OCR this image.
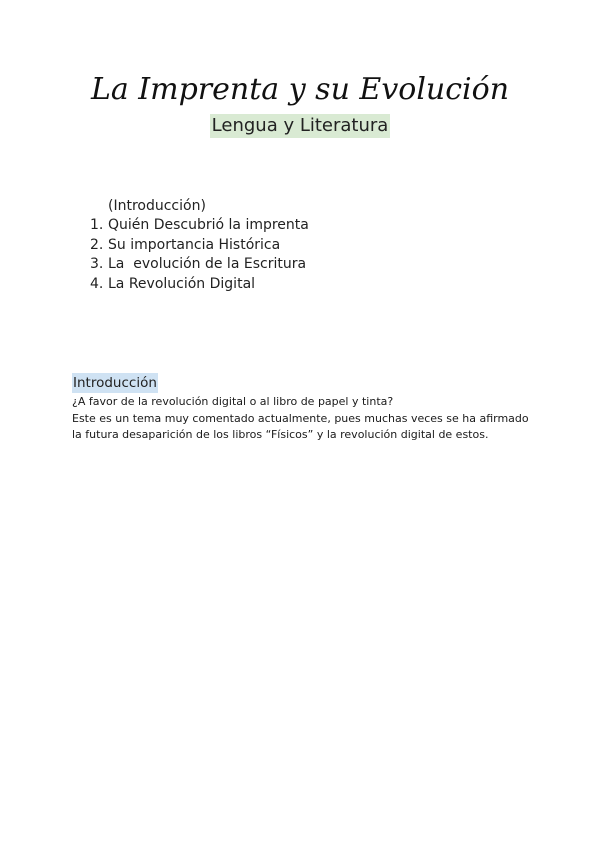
La Imprenta y su Evolución
Lengua y Literatura
(Introducción)
1. Quién Descubrió la imprenta
2. Su importancia Histórica
3. La  evolución de la Escritura
4. La Revolución Digital
Introducción
¿A favor de la revolución digital o al libro de papel y tinta?
Este es un tema muy comentado actualmente, pues muchas veces se ha afirmado
la futura desaparición de los libros “Físicos” y la revolución digital de estos.
